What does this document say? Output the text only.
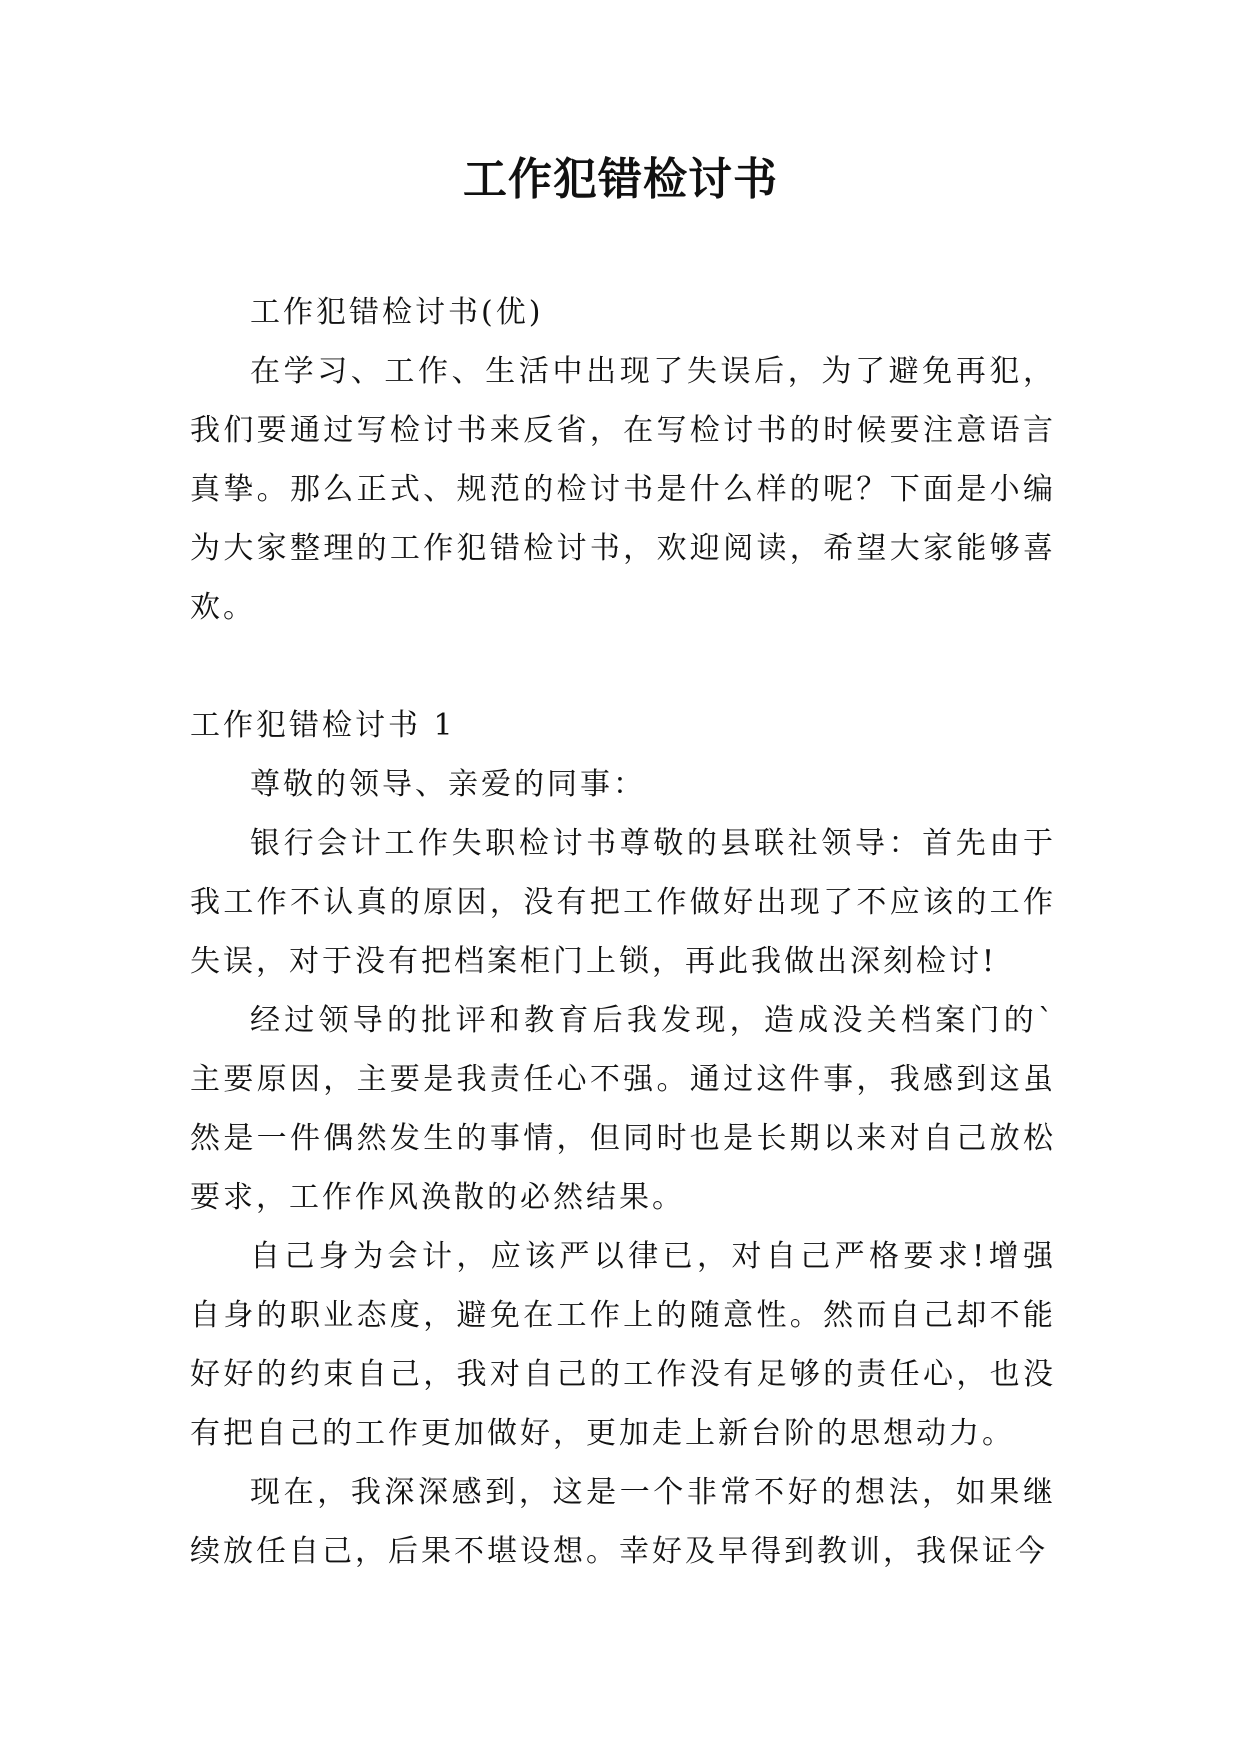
工作犯错检讨书

工作犯错检讨书(优)

在学习、工作、生活中出现了失误后，为了避免再犯，我们要通过写检讨书来反省，在写检讨书的时候要注意语言真挚。那么正式、规范的检讨书是什么样的呢？下面是小编为大家整理的工作犯错检讨书，欢迎阅读，希望大家能够喜欢。

工作犯错检讨书 1

尊敬的领导、亲爱的同事：

银行会计工作失职检讨书尊敬的县联社领导：首先由于我工作不认真的原因，没有把工作做好出现了不应该的工作失误，对于没有把档案柜门上锁，再此我做出深刻检讨!

经过领导的批评和教育后我发现，造成没关档案门的`主要原因，主要是我责任心不强。通过这件事，我感到这虽然是一件偶然发生的事情，但同时也是长期以来对自己放松要求，工作作风涣散的必然结果。

自己身为会计，应该严以律已，对自己严格要求!增强自身的职业态度，避免在工作上的随意性。然而自己却不能好好的约束自己，我对自己的工作没有足够的责任心，也没有把自己的工作更加做好，更加走上新台阶的思想动力。

现在，我深深感到，这是一个非常不好的想法，如果继续放任自己，后果不堪设想。幸好及早得到教训，我保证今
